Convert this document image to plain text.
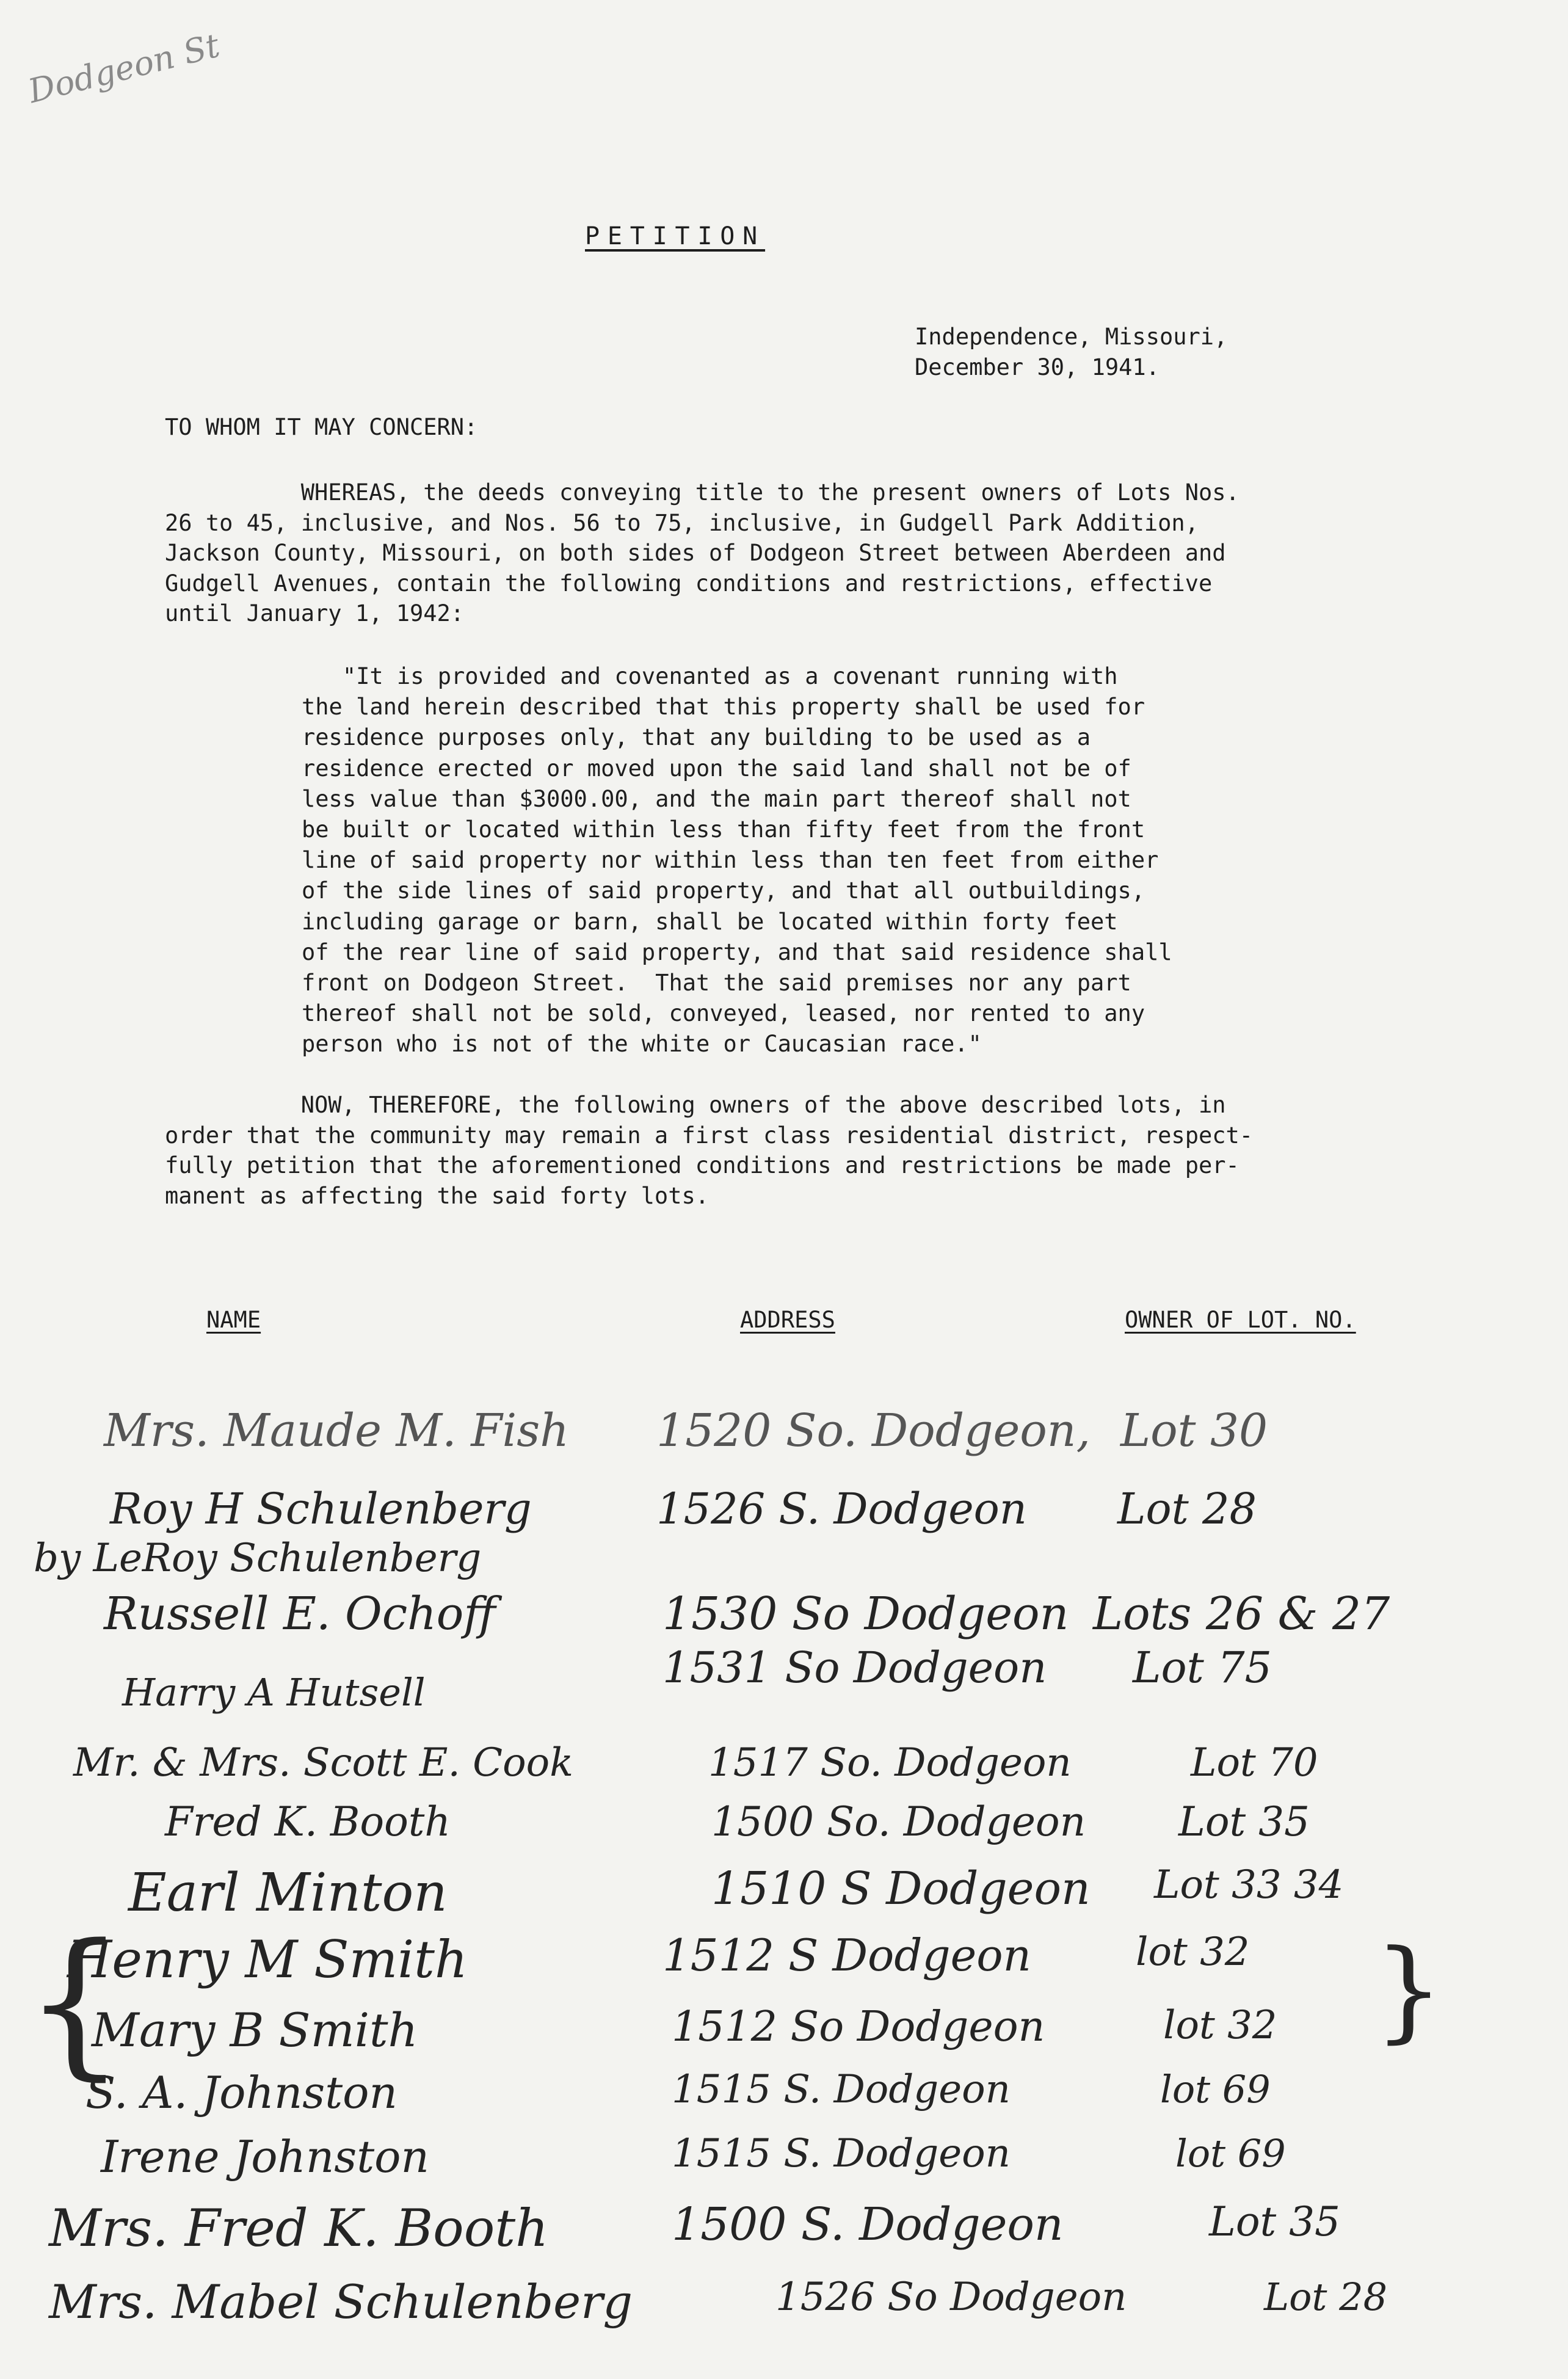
Dodgeon St
PETITION
Independence, Missouri,
December 30, 1941.
TO WHOM IT MAY CONCERN:

WHEREAS, the deeds conveying title to the present owners of Lots Nos.
26 to 45, inclusive, and Nos. 56 to 75, inclusive, in Gudgell Park Addition,
Jackson County, Missouri, on both sides of Dodgeon Street between Aberdeen and
Gudgell Avenues, contain the following conditions and restrictions, effective
until January 1, 1942:

"It is provided and covenanted as a covenant running with
the land herein described that this property shall be used for
residence purposes only, that any building to be used as a
residence erected or moved upon the said land shall not be of
less value than $3000.00, and the main part thereof shall not
be built or located within less than fifty feet from the front
line of said property nor within less than ten feet from either
of the side lines of said property, and that all outbuildings,
including garage or barn, shall be located within forty feet
of the rear line of said property, and that said residence shall
front on Dodgeon Street.  That the said premises nor any part
thereof shall not be sold, conveyed, leased, nor rented to any
person who is not of the white or Caucasian race."

NOW, THEREFORE, the following owners of the above described lots, in
order that the community may remain a first class residential district, respect-
fully petition that the aforementioned conditions and restrictions be made per-
manent as affecting the said forty lots.

NAME	ADDRESS	OWNER OF LOT. NO.
Mrs. Maude M. Fish 1520 So. Dodgeon, Lot 30
Roy H Schulenberg	1526 S. Dodgeon Lot 28
by LeRoy Schulenberg
Russell E. Ochoff	1530 So Dodgeon Lots 26 & 27
1531 So Dodgeon Lot 75
Harry A Hutsell
Mr. & Mrs. Scott E. Cook	1517 So. Dodgeon	Lot 70
Fred K. Booth	1500 So. Dodgeon Lot 35
Earl Minton	1510 S Dodgeon Lot 33 34
Henry M Smith	1512 S Dodgeon	lot 32
Mary B Smith	1512 So Dodgeon	lot 32
S. A. Johnston	1515 S. Dodgeon	lot 69
Irene Johnston	1515 S. Dodgeon	lot 69
Mrs. Fred K. Booth	1500 S. Dodgeon	Lot 35
Mrs. Mabel Schulenberg	1526 So Dodgeon	Lot 28
{	}
